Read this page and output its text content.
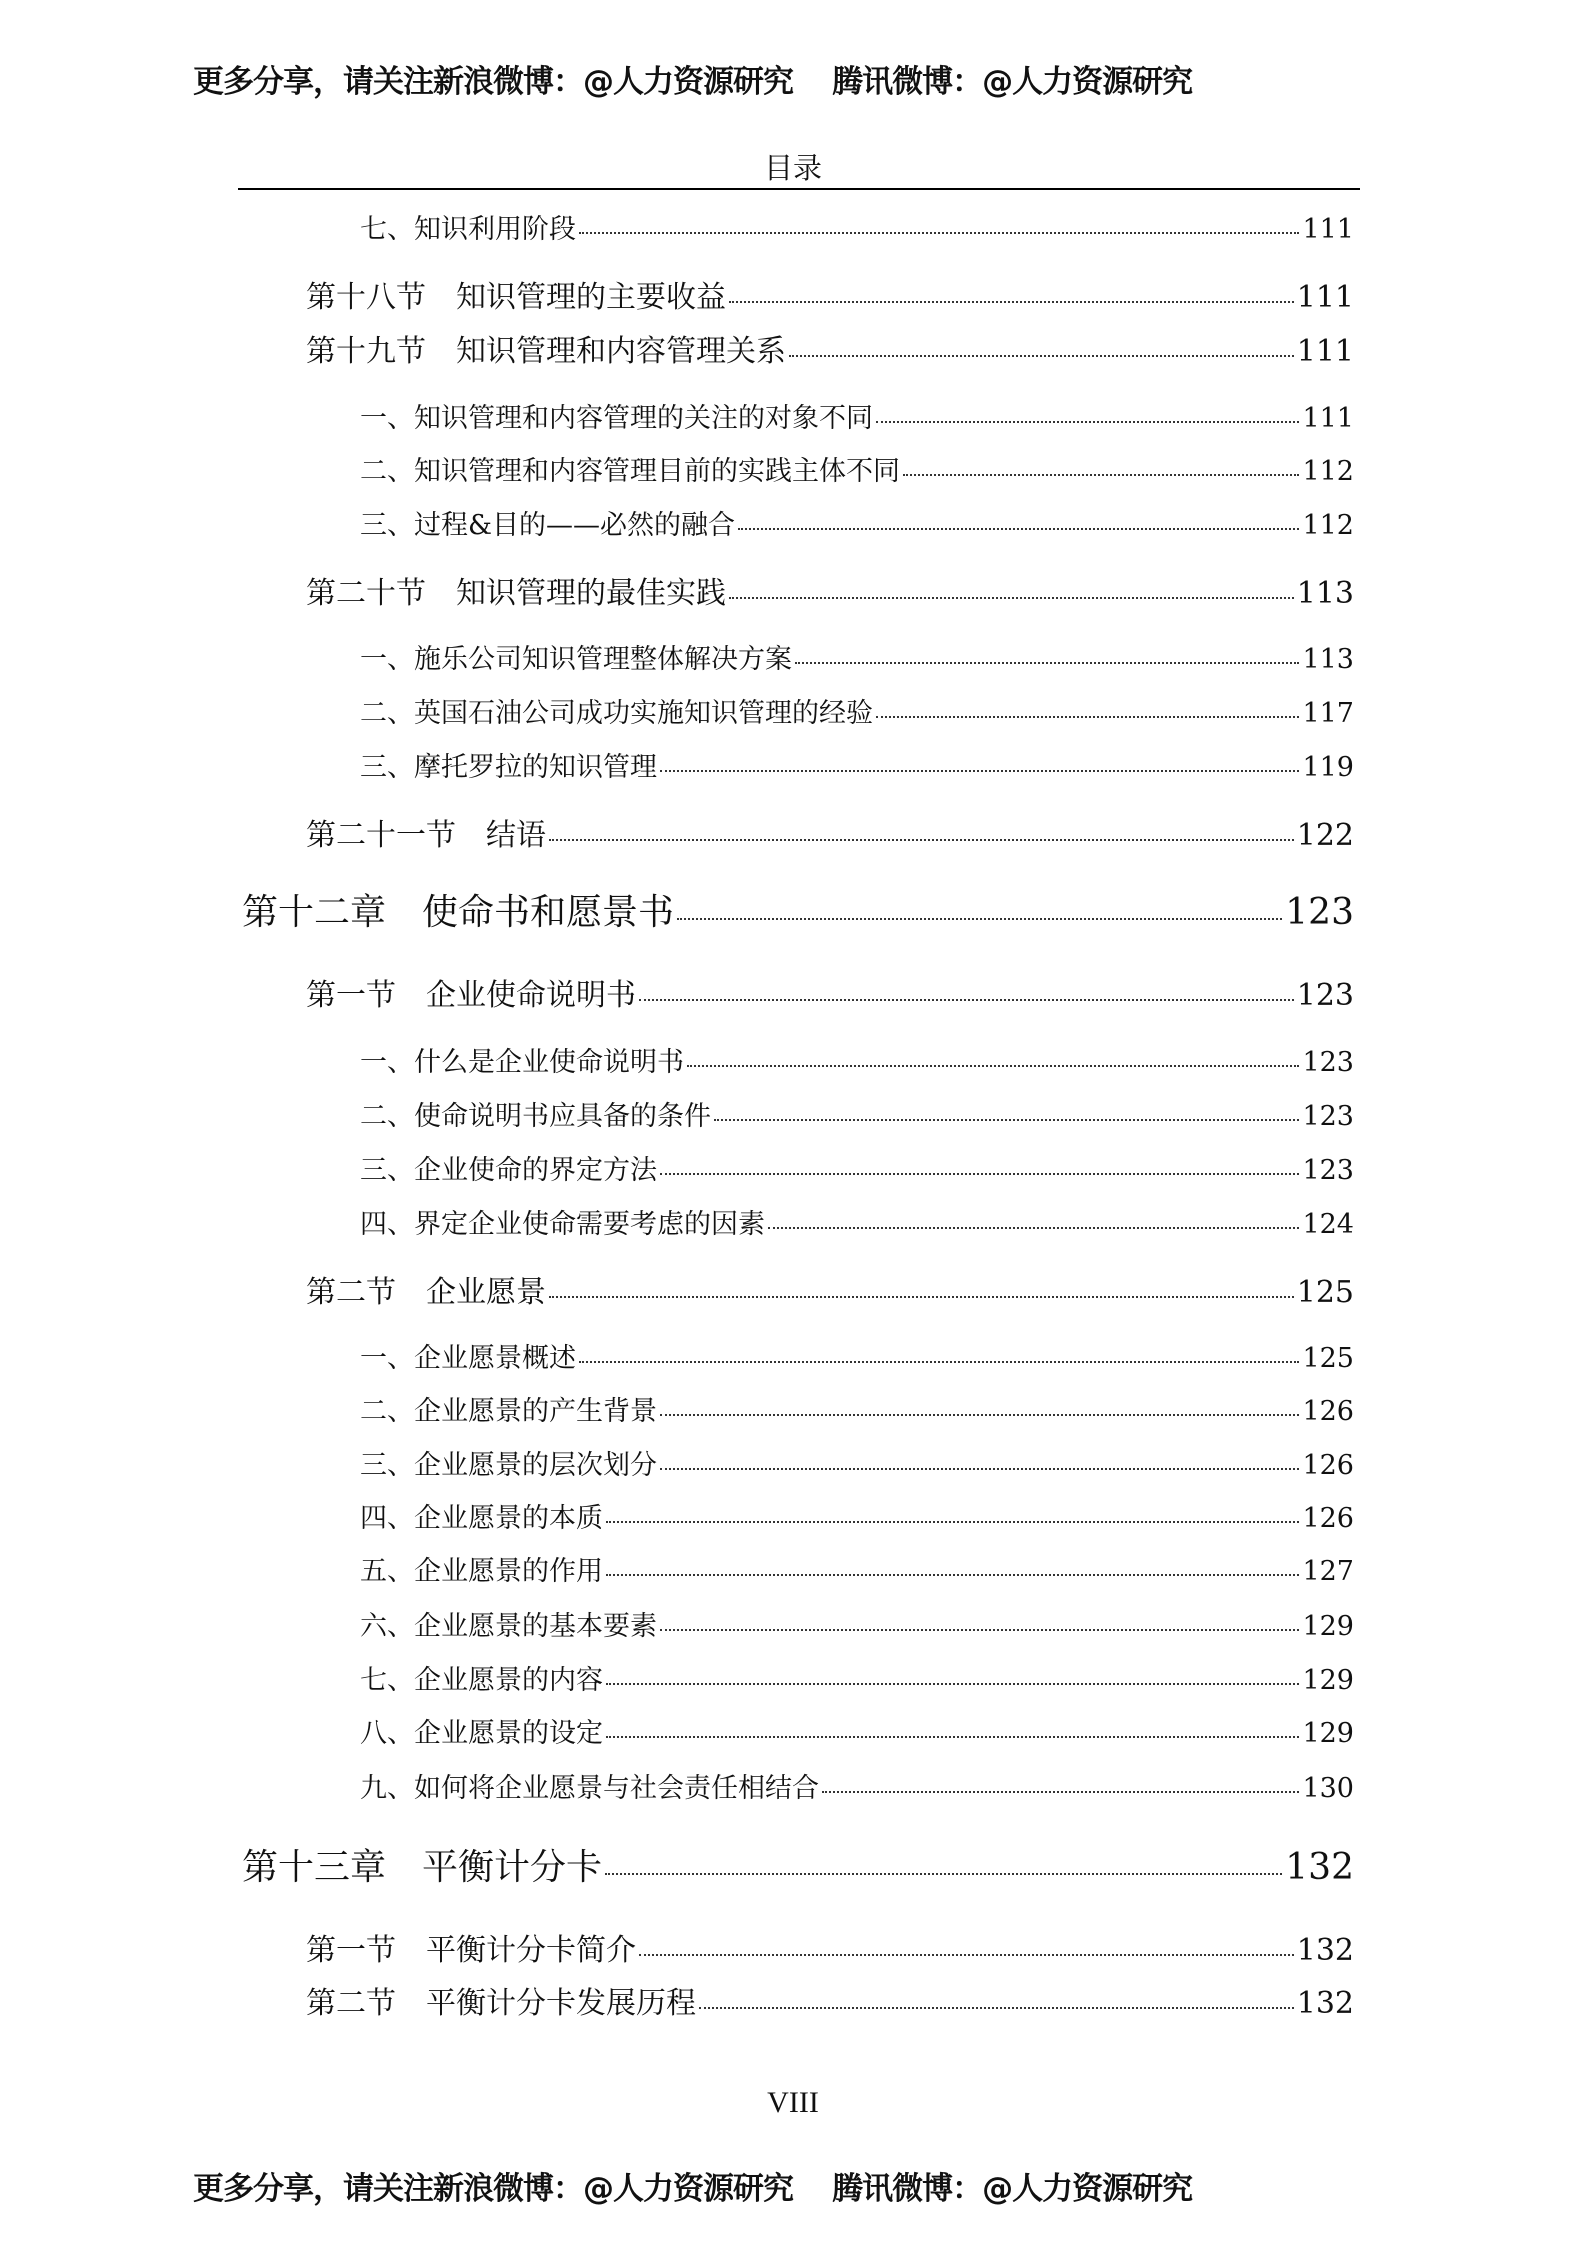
更多分享，请关注新浪微博：@人力资源研究    腾讯微博：@人力资源研究
目录
七、知识利用阶段	111
第十八节　知识管理的主要收益	111
第十九节　知识管理和内容管理关系	111
一、知识管理和内容管理的关注的对象不同	111
二、知识管理和内容管理目前的实践主体不同	112
三、过程&目的——必然的融合	112
第二十节　知识管理的最佳实践	113
一、施乐公司知识管理整体解决方案	113
二、英国石油公司成功实施知识管理的经验	117
三、摩托罗拉的知识管理	119
第二十一节　结语	122
第十二章　使命书和愿景书	123
第一节　企业使命说明书	123
一、什么是企业使命说明书	123
二、使命说明书应具备的条件	123
三、企业使命的界定方法	123
四、界定企业使命需要考虑的因素	124
第二节　企业愿景	125
一、企业愿景概述	125
二、企业愿景的产生背景	126
三、企业愿景的层次划分	126
四、企业愿景的本质	126
五、企业愿景的作用	127
六、企业愿景的基本要素	129
七、企业愿景的内容	129
八、企业愿景的设定	129
九、如何将企业愿景与社会责任相结合	130
第十三章　平衡计分卡	132
第一节　平衡计分卡简介	132
第二节　平衡计分卡发展历程	132
VIII
更多分享，请关注新浪微博：@人力资源研究    腾讯微博：@人力资源研究
